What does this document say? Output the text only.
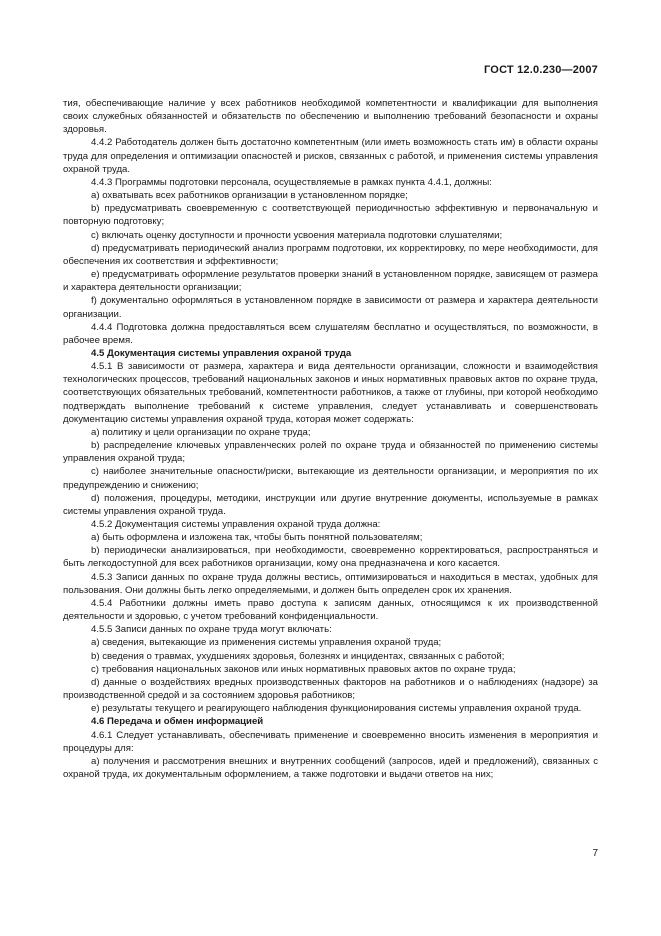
ГОСТ 12.0.230—2007

тия, обеспечивающие наличие у всех работников необходимой компетентности и квалификации для выполнения своих служебных обязанностей и обязательств по обеспечению и выполнению требований безопасности и охраны здоровья.

4.4.2 Работодатель должен быть достаточно компетентным (или иметь возможность стать им) в области охраны труда для определения и оптимизации опасностей и рисков, связанных с работой, и применения системы управления охраной труда.

4.4.3 Программы подготовки персонала, осуществляемые в рамках пункта 4.4.1, должны:

a) охватывать всех работников организации в установленном порядке;

b) предусматривать своевременную с соответствующей периодичностью эффективную и первоначальную и повторную подготовку;

c) включать оценку доступности и прочности усвоения материала подготовки слушателями;

d) предусматривать периодический анализ программ подготовки, их корректировку, по мере необходимости, для обеспечения их соответствия и эффективности;

e) предусматривать оформление результатов проверки знаний в установленном порядке, зависящем от размера и характера деятельности организации;

f) документально оформляться в установленном порядке в зависимости от размера и характера деятельности организации.

4.4.4 Подготовка должна предоставляться всем слушателям бесплатно и осуществляться, по возможности, в рабочее время.

4.5 Документация системы управления охраной труда

4.5.1 В зависимости от размера, характера и вида деятельности организации, сложности и взаимодействия технологических процессов, требований национальных законов и иных нормативных правовых актов по охране труда, соответствующих обязательных требований, компетентности работников, а также от глубины, при которой необходимо подтверждать выполнение требований к системе управления, следует устанавливать и совершенствовать документацию системы управления охраной труда, которая может содержать:

a) политику и цели организации по охране труда;

b) распределение ключевых управленческих ролей по охране труда и обязанностей по применению системы управления охраной труда;

c) наиболее значительные опасности/риски, вытекающие из деятельности организации, и мероприятия по их предупреждению и снижению;

d) положения, процедуры, методики, инструкции или другие внутренние документы, используемые в рамках системы управления охраной труда.

4.5.2 Документация системы управления охраной труда должна:

a) быть оформлена и изложена так, чтобы быть понятной пользователям;

b) периодически анализироваться, при необходимости, своевременно корректироваться, распространяться и быть легкодоступной для всех работников организации, кому она предназначена и кого касается.

4.5.3 Записи данных по охране труда должны вестись, оптимизироваться и находиться в местах, удобных для пользования. Они должны быть легко определяемыми, и должен быть определен срок их хранения.

4.5.4 Работники должны иметь право доступа к записям данных, относящимся к их производственной деятельности и здоровью, с учетом требований конфиденциальности.

4.5.5 Записи данных по охране труда могут включать:

a) сведения, вытекающие из применения системы управления охраной труда;

b) сведения о травмах, ухудшениях здоровья, болезнях и инцидентах, связанных с работой;

c) требования национальных законов или иных нормативных правовых актов по охране труда;

d) данные о воздействиях вредных производственных факторов на работников и о наблюдениях (надзоре) за производственной средой и за состоянием здоровья работников;

e) результаты текущего и реагирующего наблюдения функционирования системы управления охраной труда.

4.6 Передача и обмен информацией

4.6.1 Следует устанавливать, обеспечивать применение и своевременно вносить изменения в мероприятия и процедуры для:

a) получения и рассмотрения внешних и внутренних сообщений (запросов, идей и предложений), связанных с охраной труда, их документальным оформлением, а также подготовки и выдачи ответов на них;

7
